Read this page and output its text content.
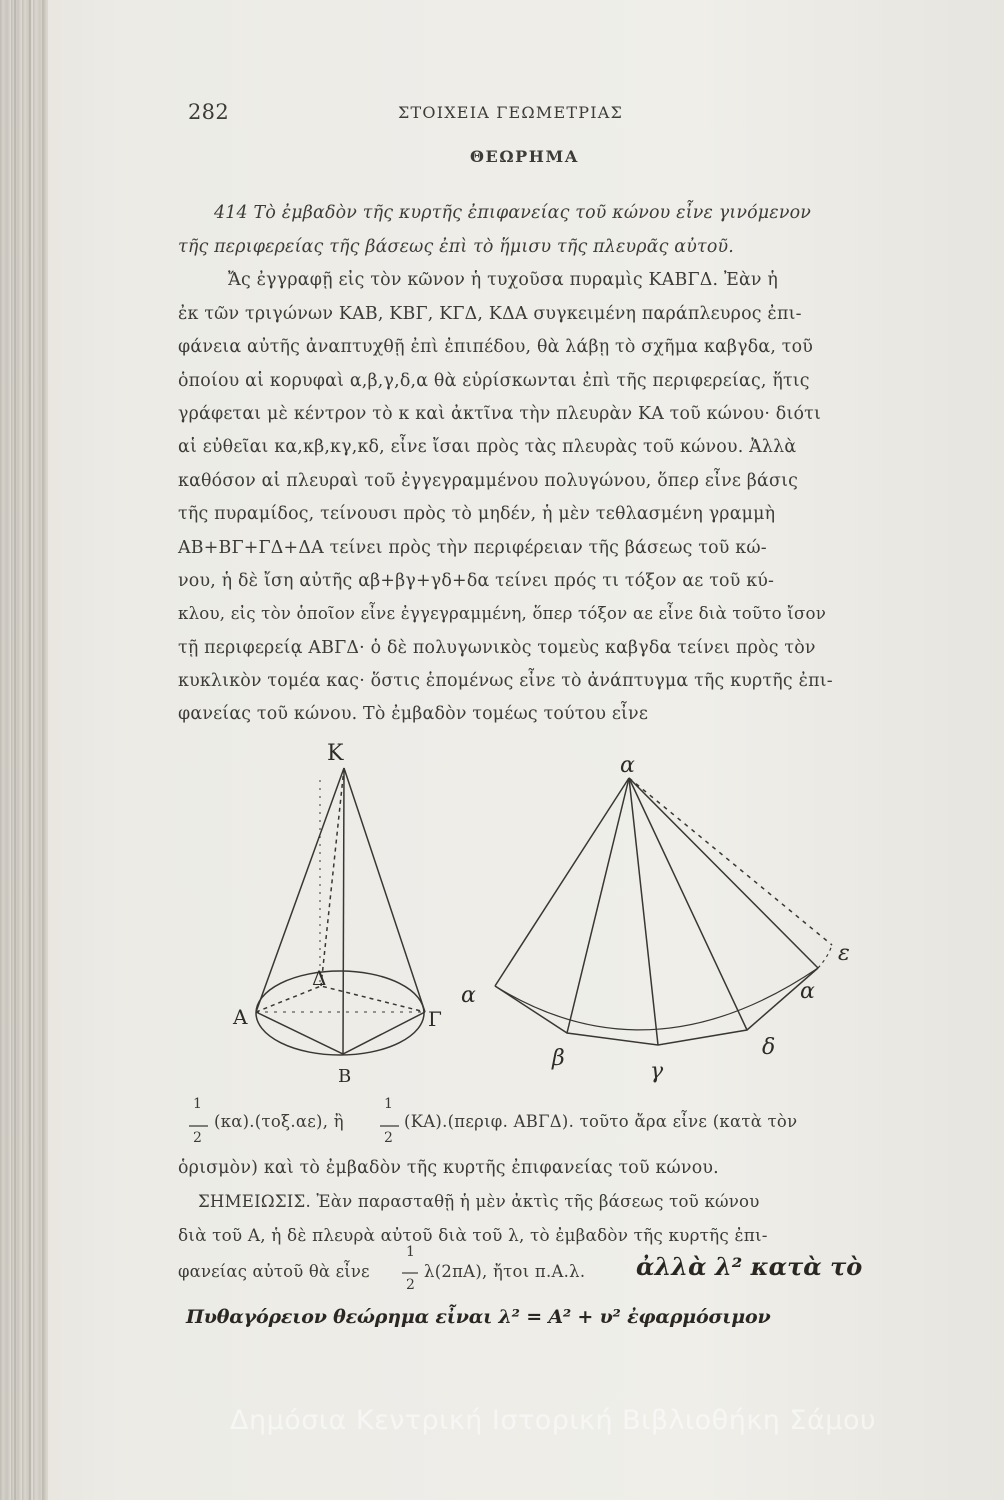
282	ΣΤΟΙΧΕΙΑ ΓΕΩΜΕΤΡΙΑΣ
ΘΕΩΡΗΜΑ
414 Τὸ ἐμβαδὸν τῆς κυρτῆς ἐπιφανείας τοῦ κώνου εἶνε γινόμενον
τῆς περιφερείας τῆς βάσεως ἐπὶ τὸ ἥμισυ τῆς πλευρᾶς αὐτοῦ.
Ἄς ἐγγραφῇ εἰς τὸν κῶνον ἡ τυχοῦσα πυραμὶς ΚΑΒΓΔ. Ἐὰν ἡ
ἐκ τῶν τριγώνων ΚΑΒ, ΚΒΓ, ΚΓΔ, ΚΔΑ συγκειμένη παράπλευρος ἐπι-
φάνεια αὐτῆς ἀναπτυχθῇ ἐπὶ ἐπιπέδου, θὰ λάβῃ τὸ σχῆμα καβγδα, τοῦ
ὁποίου αἱ κορυφαὶ α,β,γ,δ,α θὰ εὑρίσκωνται ἐπὶ τῆς περιφερείας, ἥτις
γράφεται μὲ κέντρον τὸ κ καὶ ἀκτῖνα τὴν πλευρὰν ΚΑ τοῦ κώνου· διότι
αἱ εὐθεῖαι κα,κβ,κγ,κδ, εἶνε ἴσαι πρὸς τὰς πλευρὰς τοῦ κώνου. Ἀλλὰ
καθόσον αἱ πλευραὶ τοῦ ἐγγεγραμμένου πολυγώνου, ὅπερ εἶνε βάσις
τῆς πυραμίδος, τείνουσι πρὸς τὸ μηδέν, ἡ μὲν τεθλασμένη γραμμὴ
ΑΒ+ΒΓ+ΓΔ+ΔΑ τείνει πρὸς τὴν περιφέρειαν τῆς βάσεως τοῦ κώ-
νου, ἡ δὲ ἴση αὐτῆς αβ+βγ+γδ+δα τείνει πρός τι τόξον αε τοῦ κύ-
κλου, εἰς τὸν ὁποῖον εἶνε ἐγγεγραμμένη, ὅπερ τόξον αε εἶνε διὰ τοῦτο ἴσον
τῇ περιφερείᾳ ΑΒΓΔ· ὁ δὲ πολυγωνικὸς τομεὺς καβγδα τείνει πρὸς τὸν
κυκλικὸν τομέα κας· ὅστις ἑπομένως εἶνε τὸ ἀνάπτυγμα τῆς κυρτῆς ἐπι-
φανείας τοῦ κώνου. Τὸ ἐμβαδὸν τομέως τούτου εἶνε
K
Α
Δ
Γ
Β
α
α
β
γ
δ
α
ε
1
2
(κα).(τοξ.αε), ἢ
1
2
(ΚΑ).(περιφ. ΑΒΓΔ). τοῦτο ἄρα εἶνε (κατὰ τὸν
ὁρισμὸν) καὶ τὸ ἐμβαδὸν τῆς κυρτῆς ἐπιφανείας τοῦ κώνου.
ΣΗΜΕΙΩΣΙΣ. Ἐὰν παρασταθῇ ἡ μὲν ἀκτὶς τῆς βάσεως τοῦ κώνου
διὰ τοῦ Α, ἡ δὲ πλευρὰ αὐτοῦ διὰ τοῦ λ, τὸ ἐμβαδὸν τῆς κυρτῆς ἐπι-
φανείας αὐτοῦ θὰ εἶνε
1
2
λ(2πΑ), ἤτοι π.Α.λ. ἀλλὰ λ² κατὰ τὸ
Πυθαγόρειον θεώρημα εἶναι λ² = Α² + υ² ἐφαρμόσιμον
Δημόσια Κεντρική Ιστορική Βιβλιοθήκη Σάμου
